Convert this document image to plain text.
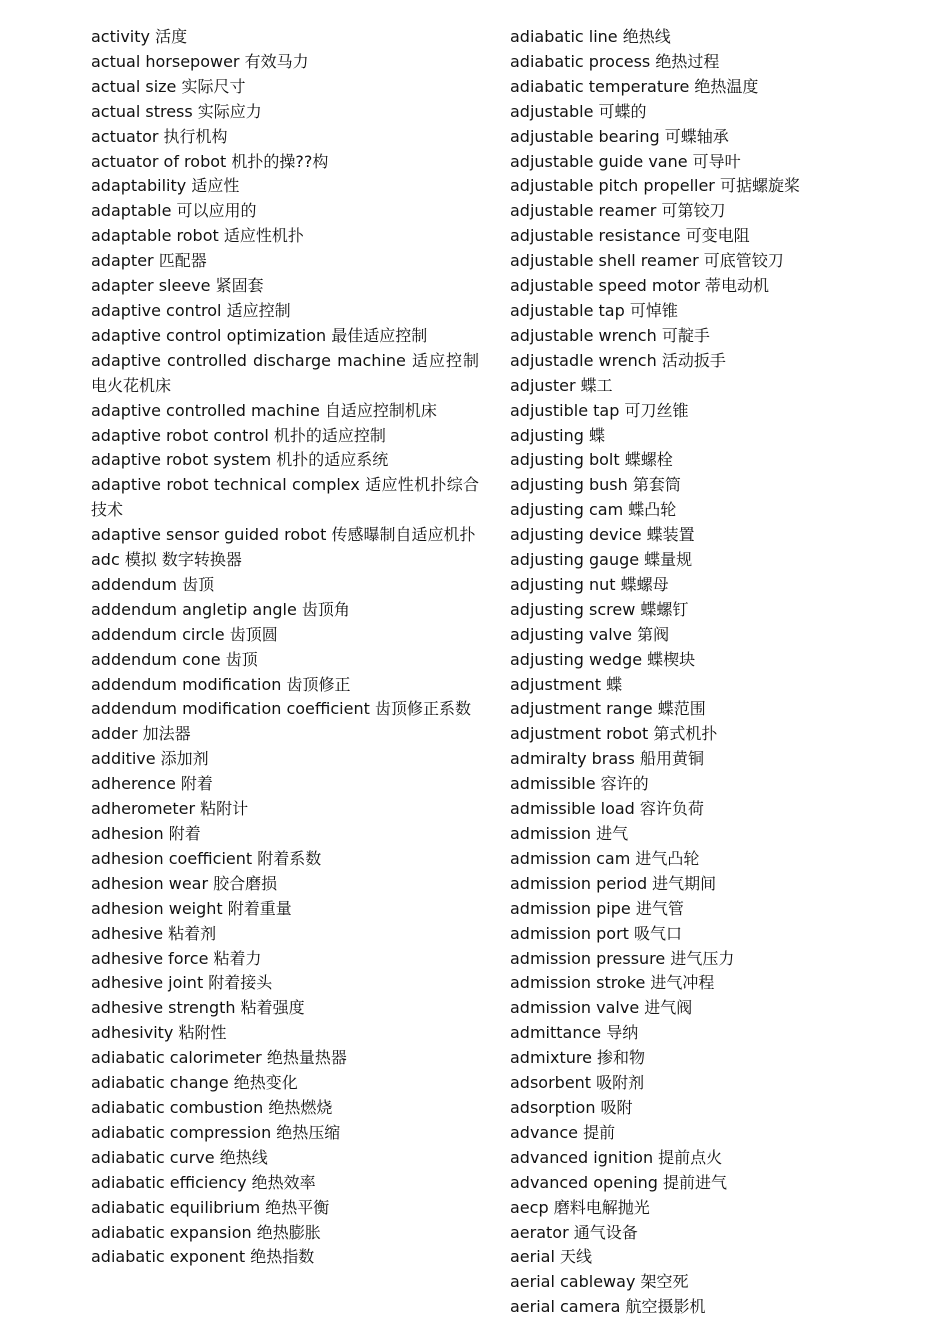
activity 活度
actual horsepower 有效马力
actual size 实际尺寸
actual stress 实际应力
actuator 执行机构
actuator of robot 机扑的操??构
adaptability 适应性
adaptable 可以应用的
adaptable robot 适应性机扑
adapter 匹配器
adapter sleeve 紧固套
adaptive control 适应控制
adaptive control optimization 最佳适应控制
adaptive controlled discharge machine 适应控制电火花机床
adaptive controlled machine 自适应控制机床
adaptive robot control 机扑的适应控制
adaptive robot system 机扑的适应系统
adaptive robot technical complex 适应性机扑综合技术
adaptive sensor guided robot 传感曝制自适应机扑
adc 模拟 数字转换器
addendum 齿顶
addendum angletip angle 齿顶角
addendum circle 齿顶圆
addendum cone 齿顶
addendum modification 齿顶修正
addendum modification coefficient 齿顶修正系数
adder 加法器
additive 添加剂
adherence 附着
adherometer 粘附计
adhesion 附着
adhesion coefficient 附着系数
adhesion wear 胶合磨损
adhesion weight 附着重量
adhesive 粘着剂
adhesive force 粘着力
adhesive joint 附着接头
adhesive strength 粘着强度
adhesivity 粘附性
adiabatic calorimeter 绝热量热器
adiabatic change 绝热变化
adiabatic combustion 绝热燃烧
adiabatic compression 绝热压缩
adiabatic curve 绝热线
adiabatic efficiency 绝热效率
adiabatic equilibrium 绝热平衡
adiabatic expansion 绝热膨胀
adiabatic exponent 绝热指数
adiabatic line 绝热线
adiabatic process 绝热过程
adiabatic temperature 绝热温度
adjustable 可蝶的
adjustable bearing 可蝶轴承
adjustable guide vane 可导叶
adjustable pitch propeller 可掂螺旋桨
adjustable reamer 可第铰刀
adjustable resistance 可变电阻
adjustable shell reamer 可底管铰刀
adjustable speed motor 蒂电动机
adjustable tap 可悼锥
adjustable wrench 可靛手
adjustadle wrench 活动扳手
adjuster 蝶工
adjustible tap 可刀丝锥
adjusting 蝶
adjusting bolt 蝶螺栓
adjusting bush 第套筒
adjusting cam 蝶凸轮
adjusting device 蝶装置
adjusting gauge 蝶量规
adjusting nut 蝶螺母
adjusting screw 蝶螺钉
adjusting valve 第阀
adjusting wedge 蝶楔块
adjustment 蝶
adjustment range 蝶范围
adjustment robot 第式机扑
admiralty brass 船用黄铜
admissible 容许的
admissible load 容许负荷
admission 进气
admission cam 进气凸轮
admission period 进气期间
admission pipe 进气管
admission port 吸气口
admission pressure 进气压力
admission stroke 进气冲程
admission valve 进气阀
admittance 导纳
admixture 掺和物
adsorbent 吸附剂
adsorption 吸附
advance 提前
advanced ignition 提前点火
advanced opening 提前进气
aecp 磨料电解抛光
aerator 通气设备
aerial 天线
aerial cableway 架空死
aerial camera 航空摄影机
